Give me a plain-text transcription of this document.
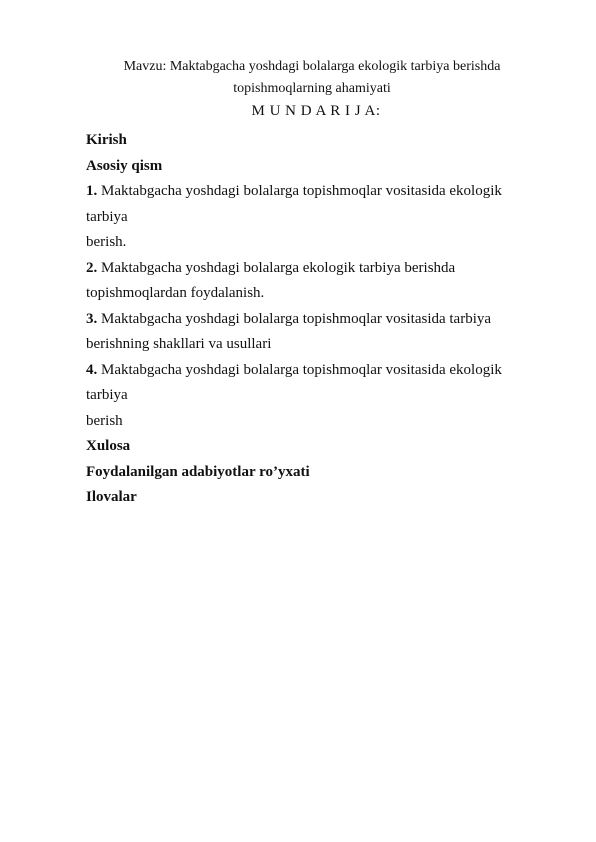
Mavzu: Maktabgacha yoshdagi bolalarga ekologik tarbiya berishda
topishmoqlarning ahamiyati
M U N D A R I J A:

Kirish

Asosiy qism

1. Maktabgacha yoshdagi bolalarga topishmoqlar vositasida ekologik tarbiya

berish.

2. Maktabgacha yoshdagi bolalarga ekologik tarbiya berishda

topishmoqlardan foydalanish.

3. Maktabgacha yoshdagi bolalarga topishmoqlar vositasida tarbiya

berishning shakllari va usullari

4. Maktabgacha yoshdagi bolalarga topishmoqlar vositasida ekologik tarbiya

berish

Xulosa

Foydalanilgan adabiyotlar ro’yxati

Ilovalar
